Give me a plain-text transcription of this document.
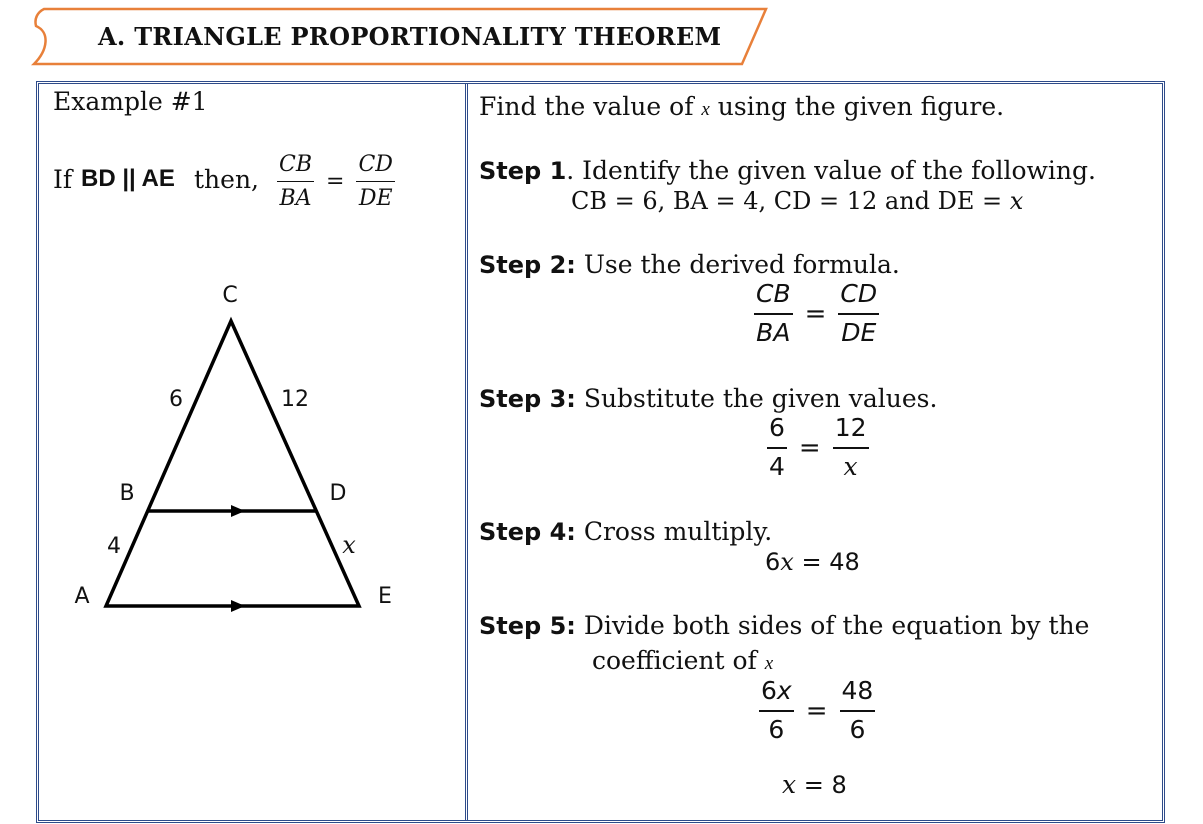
A. TRIANGLE PROPORTIONALITY THEOREM
Example #1
If BD || AE then,
CB
BA
=
CD
DE
C
B	D
A	E
6	12
4	x
Find the value of x using the given figure.
Step 1. Identify the given value of the following.
CB = 6, BA = 4, CD = 12 and DE = x
Step 2: Use the derived formula.
CB
BA
=
CD
DE
Step 3: Substitute the given values.
6
4
=
12
x
Step 4: Cross multiply.
6x = 48
Step 5: Divide both sides of the equation by the
coefficient of x
6x
6
=
48
6
x = 8
